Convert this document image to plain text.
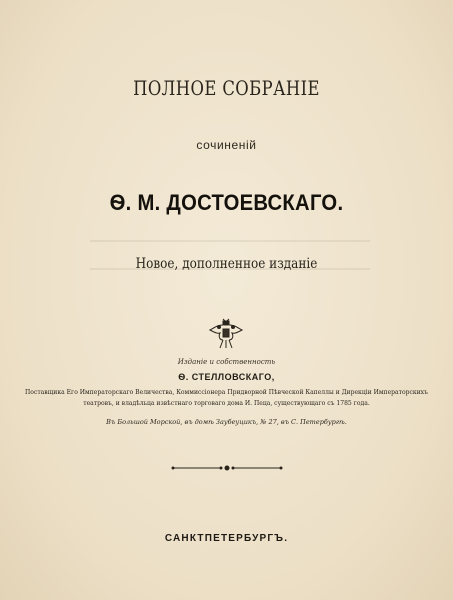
ПОЛНОЕ СОБРАНІЕ
сочиненій
Ѳ. М. ДОСТОЕВСКАГО.
Новое, дополненное изданіе
Изданіе и собственность
Ѳ. СТЕЛЛОВСКАГО,
Поставщика Его Императорскаго Величества, Коммиссіонера Придворной Пѣвческой Капеллы и Дирекціи Императорскихъ
театровъ, и владѣльца извѣстнаго торговаго дома И. Пеца, существующаго съ 1785 года.
Въ Большой Морской, въ домѣ Заубеуцикъ, № 27, въ С. Петербургѣ.
САНКТПЕТЕРБУРГЪ.
